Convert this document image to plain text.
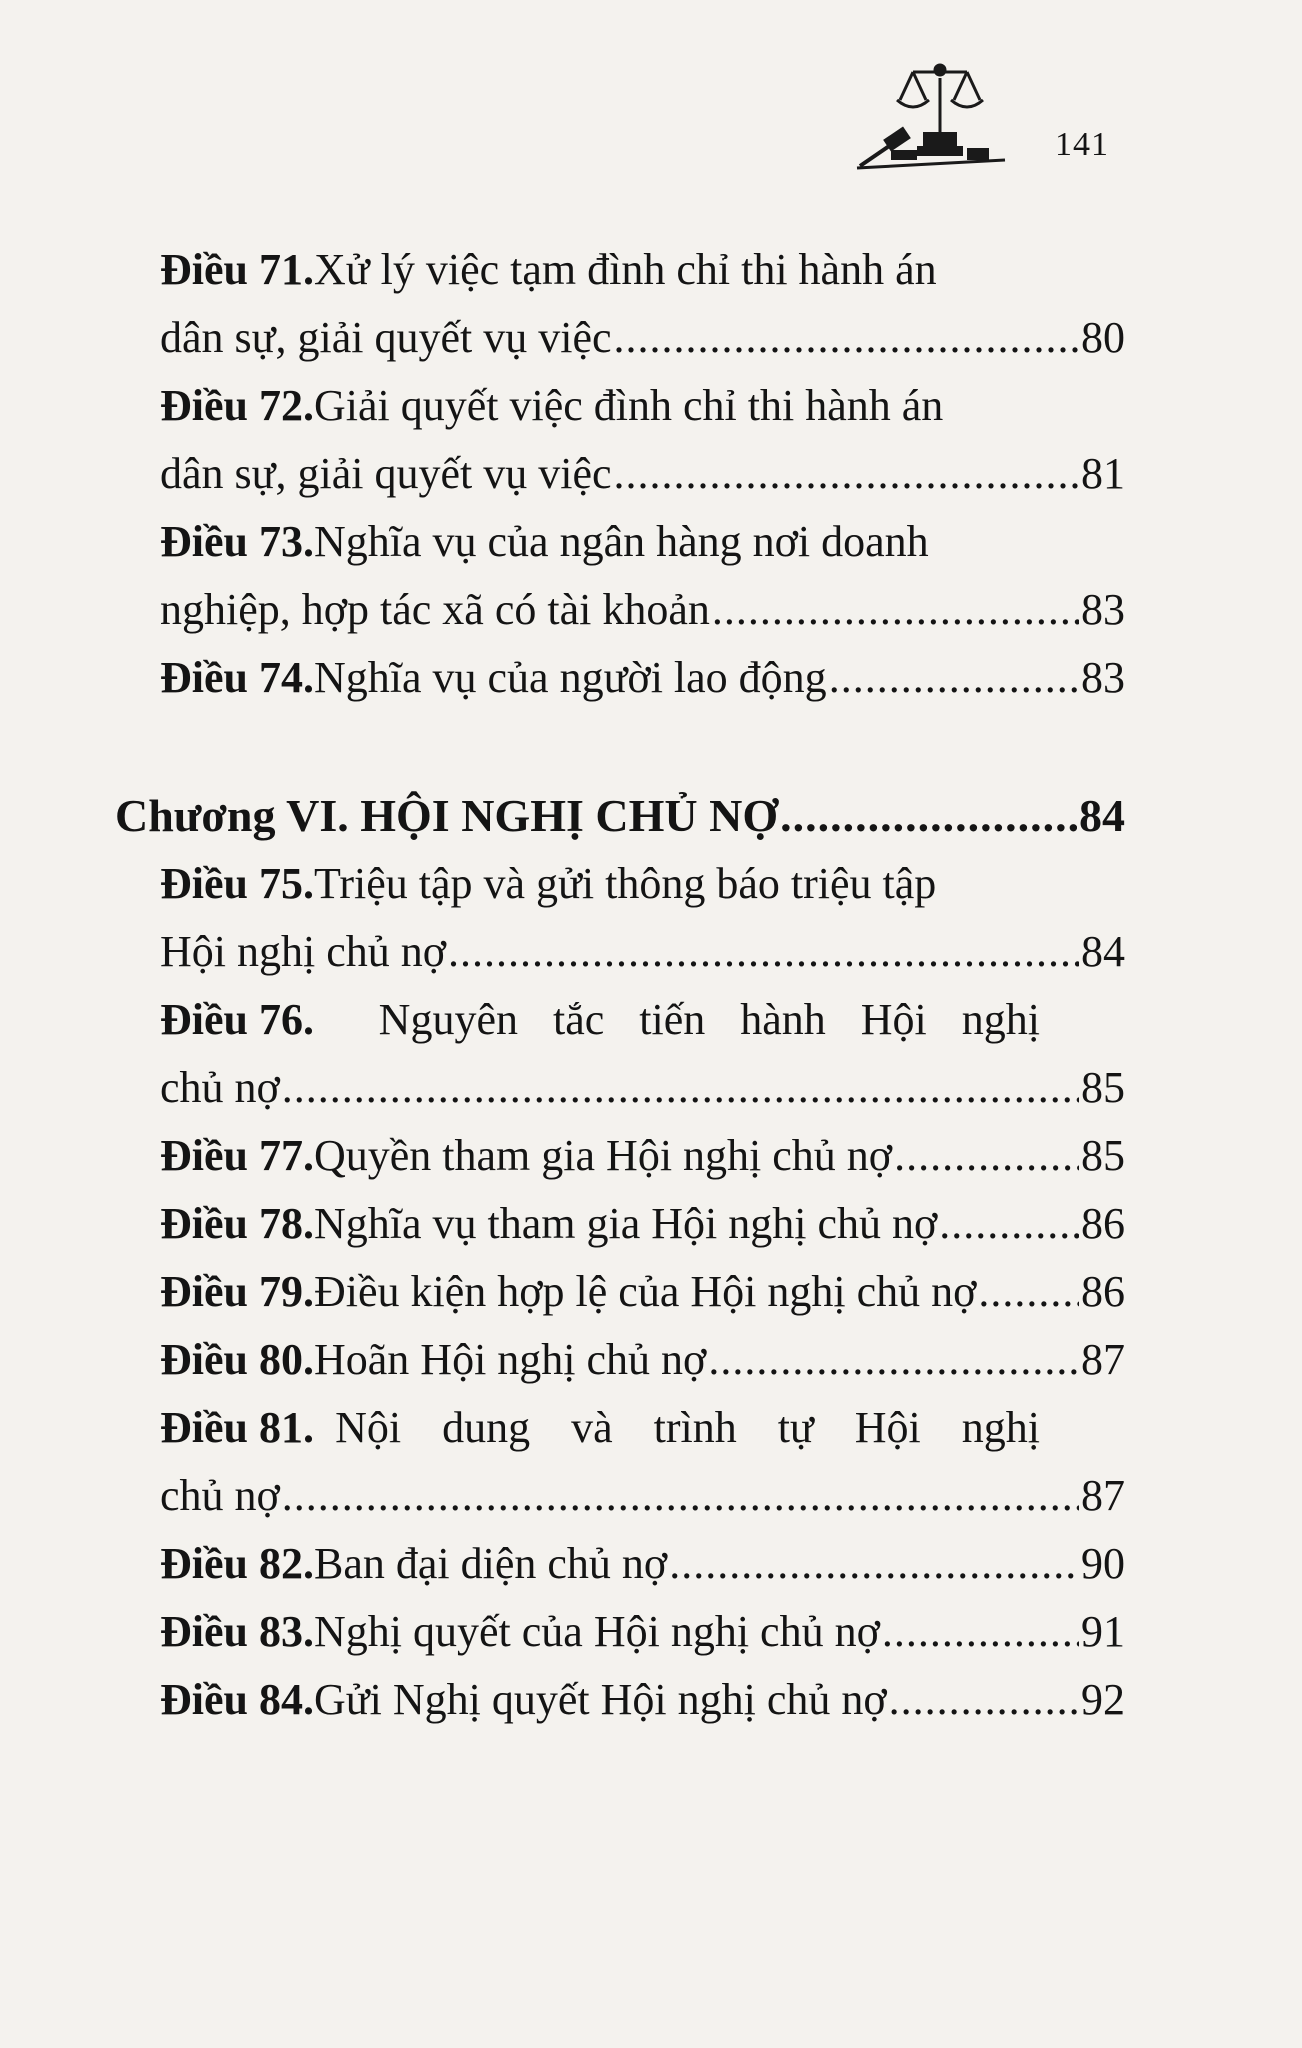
141
Điều 71. Xử lý việc tạm đình chỉ thi hành án
dân sự, giải quyết vụ việc .....	80
Điều 72. Giải quyết việc đình chỉ thi hành án
dân sự, giải quyết vụ việc .....	81
Điều 73. Nghĩa vụ của ngân hàng nơi doanh
nghiệp, hợp tác xã có tài khoản .....	83
Điều 74. Nghĩa vụ của người lao động .....	83
Chương VI. HỘI NGHỊ CHỦ NỢ .....	84
Điều 75. Triệu tập và gửi thông báo triệu tập
Hội nghị chủ nợ .....	84
Điều 76. Nguyên tắc tiến hành Hội nghị
chủ nợ .....	85
Điều 77. Quyền tham gia Hội nghị chủ nợ .....	85
Điều 78. Nghĩa vụ tham gia Hội nghị chủ nợ .....	86
Điều 79. Điều kiện hợp lệ của Hội nghị chủ nợ ..... 86
Điều 80. Hoãn Hội nghị chủ nợ .....	87
Điều 81. Nội dung và trình tự Hội nghị
chủ nợ .....	87
Điều 82. Ban đại diện chủ nợ .....	90
Điều 83. Nghị quyết của Hội nghị chủ nợ .....	91
Điều 84. Gửi Nghị quyết Hội nghị chủ nợ .....	92
